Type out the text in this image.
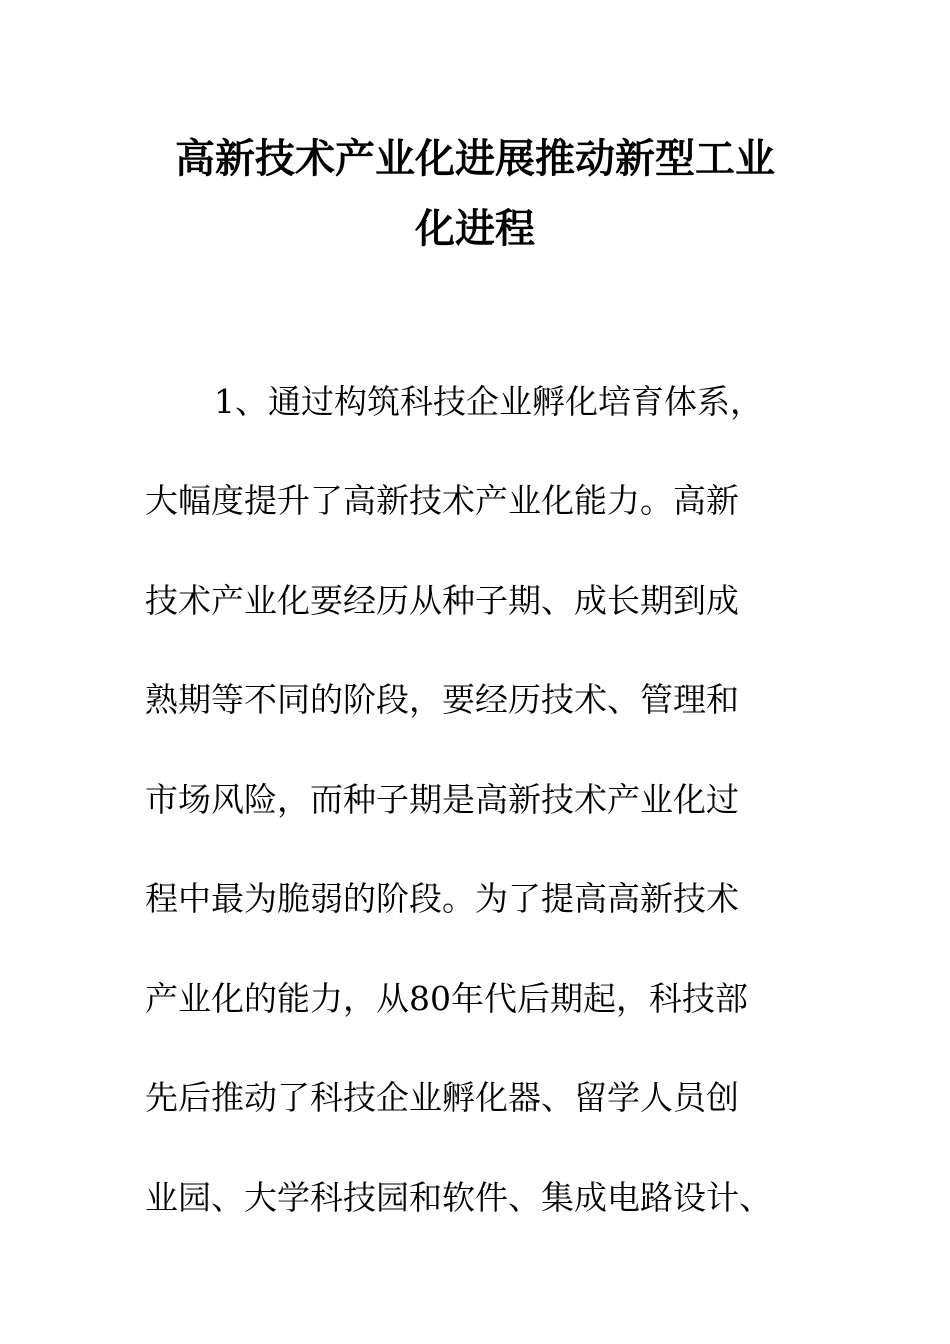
高新技术产业化进展推动新型工业
化进程
1、通过构筑科技企业孵化培育体系，
大幅度提升了高新技术产业化能力。高新
技术产业化要经历从种子期、成长期到成
熟期等不同的阶段，要经历技术、管理和
市场风险，而种子期是高新技术产业化过
程中最为脆弱的阶段。为了提高高新技术
产业化的能力，从80年代后期起，科技部
先后推动了科技企业孵化器、留学人员创
业园、大学科技园和软件、集成电路设计、
